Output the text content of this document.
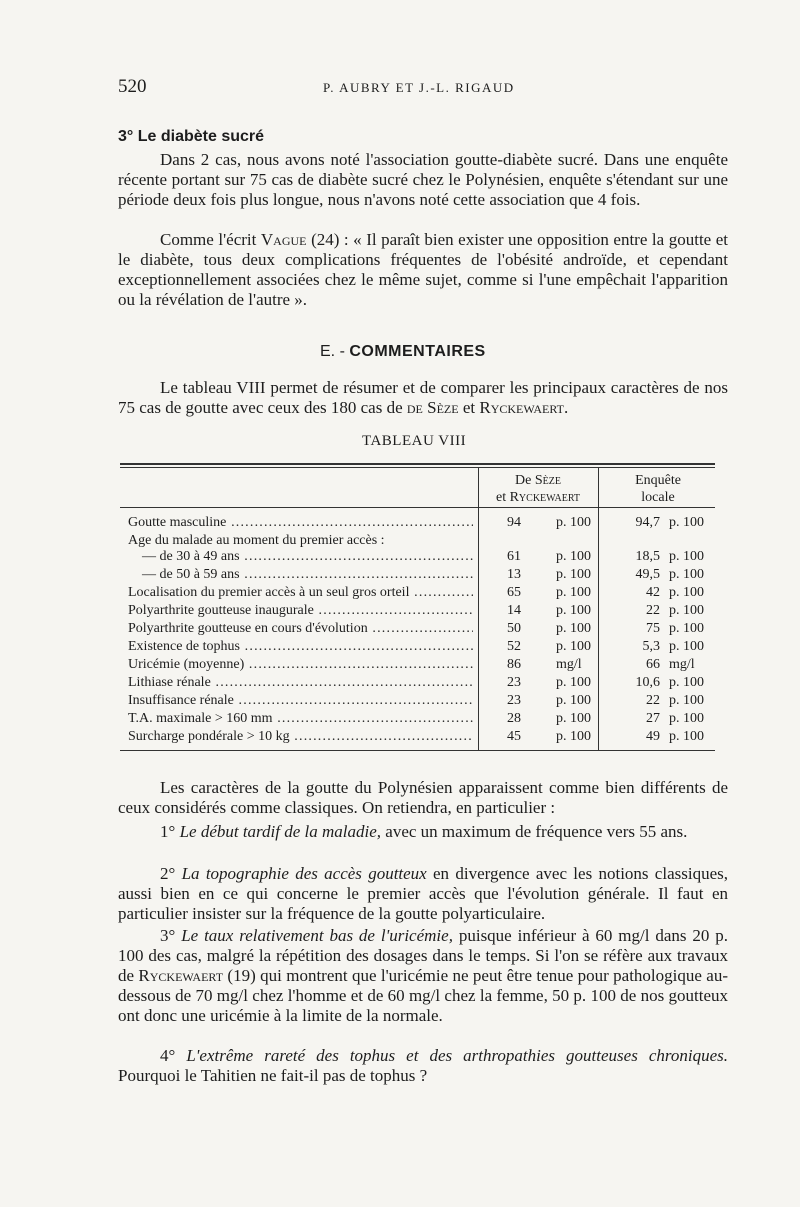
520	P. AUBRY ET J.-L. RIGAUD
3° Le diabète sucré

Dans 2 cas, nous avons noté l'association goutte-diabète sucré. Dans une enquête récente portant sur 75 cas de diabète sucré chez le Polynésien, enquête s'étendant sur une période deux fois plus longue, nous n'avons noté cette association que 4 fois.

Comme l'écrit Vague (24) : « Il paraît bien exister une opposition entre la goutte et le diabète, tous deux complications fréquentes de l'obésité androïde, et cependant exceptionnellement associées chez le même sujet, comme si l'une empêchait l'apparition ou la révélation de l'autre ».

E. - COMMENTAIRES

Le tableau VIII permet de résumer et de comparer les principaux caractères de nos 75 cas de goutte avec ceux des 180 cas de de Sèze et Ryckewaert.

TABLEAU VIII
De Sèze
et Ryckewaert
Enquête
locale
Goutte masculine .....	94	p. 100	94,7 p. 100
Age du malade au moment du premier accès :
— de 30 à 49 ans .....	61	p. 100	18,5 p. 100
— de 50 à 59 ans .....	13	p. 100	49,5 p. 100
Localisation du premier accès à un seul gros orteil .....	65	p. 100	42 p. 100
Polyarthrite goutteuse inaugurale .....	14	p. 100	22 p. 100
Polyarthrite goutteuse en cours d'évolution .....	50	p. 100	75 p. 100
Existence de tophus .....	52	p. 100	5,3 p. 100
Uricémie (moyenne) .....	86	mg/l	66 mg/l
Lithiase rénale .....	23	p. 100	10,6 p. 100
Insuffisance rénale .....	23	p. 100	22 p. 100
T.A. maximale > 160 mm .....	28	p. 100	27 p. 100
Surcharge pondérale > 10 kg .....	45	p. 100	49 p. 100

Les caractères de la goutte du Polynésien apparaissent comme bien différents de ceux considérés comme classiques. On retiendra, en particulier :

1° Le début tardif de la maladie, avec un maximum de fréquence vers 55 ans.

2° La topographie des accès goutteux en divergence avec les notions classiques, aussi bien en ce qui concerne le premier accès que l'évolution générale. Il faut en particulier insister sur la fréquence de la goutte polyarticulaire.

3° Le taux relativement bas de l'uricémie, puisque inférieur à 60 mg/l dans 20 p. 100 des cas, malgré la répétition des dosages dans le temps. Si l'on se réfère aux travaux de Ryckewaert (19) qui montrent que l'uricémie ne peut être tenue pour pathologique au-dessous de 70 mg/l chez l'homme et de 60 mg/l chez la femme, 50 p. 100 de nos goutteux ont donc une uricémie à la limite de la normale.

4° L'extrême rareté des tophus et des arthropathies goutteuses chroniques. Pourquoi le Tahitien ne fait-il pas de tophus ?
